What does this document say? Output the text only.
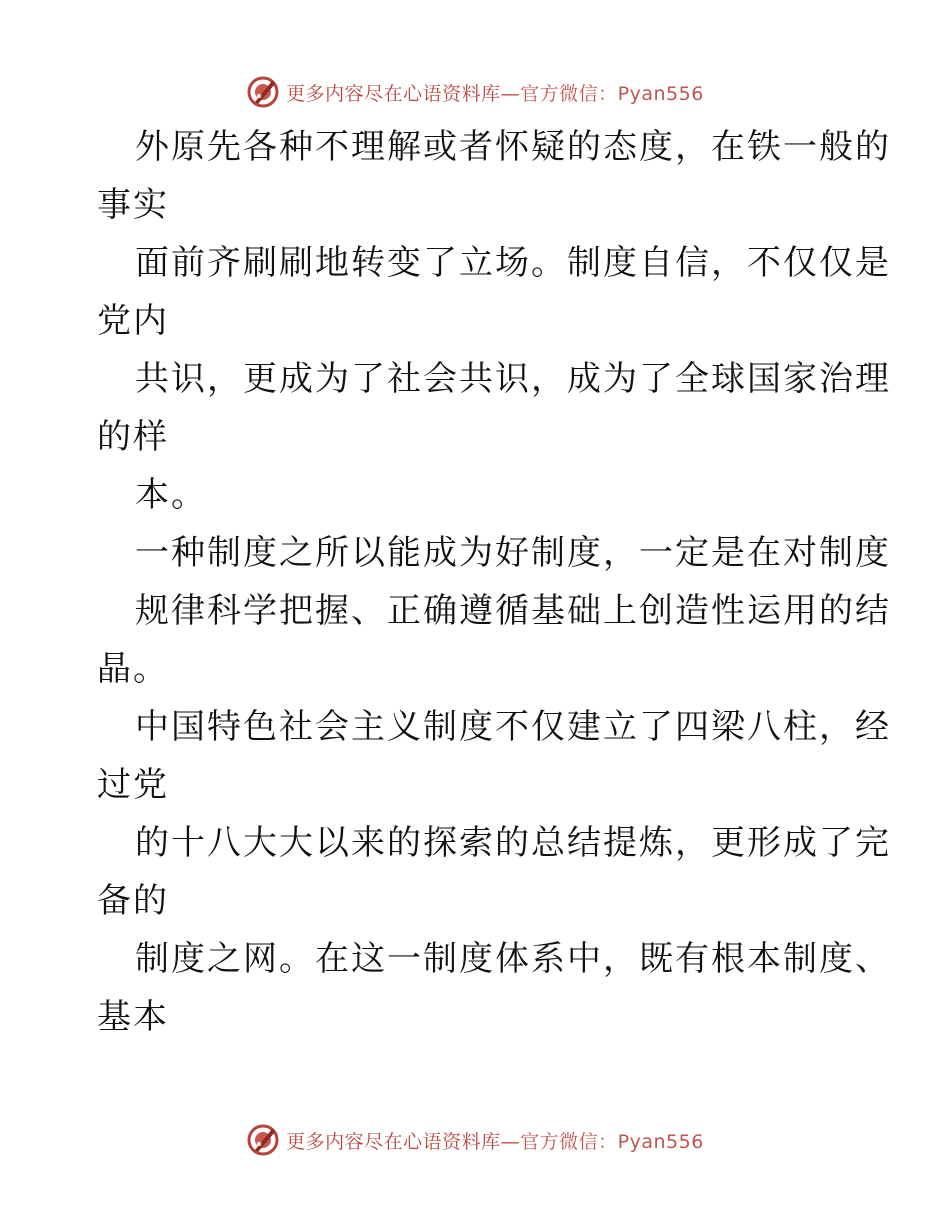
更多内容尽在心语资料库—官方微信：Pyan556
外原先各种不理解或者怀疑的态度，在铁一般的
事实
面前齐刷刷地转变了立场。制度自信，不仅仅是
党内
共识，更成为了社会共识，成为了全球国家治理
的样
本。
一种制度之所以能成为好制度，一定是在对制度
规律科学把握、正确遵循基础上创造性运用的结
晶。
中国特色社会主义制度不仅建立了四梁八柱，经
过党
的十八大大以来的探索的总结提炼，更形成了完
备的
制度之网。在这一制度体系中，既有根本制度、
基本
更多内容尽在心语资料库—官方微信：Pyan556
